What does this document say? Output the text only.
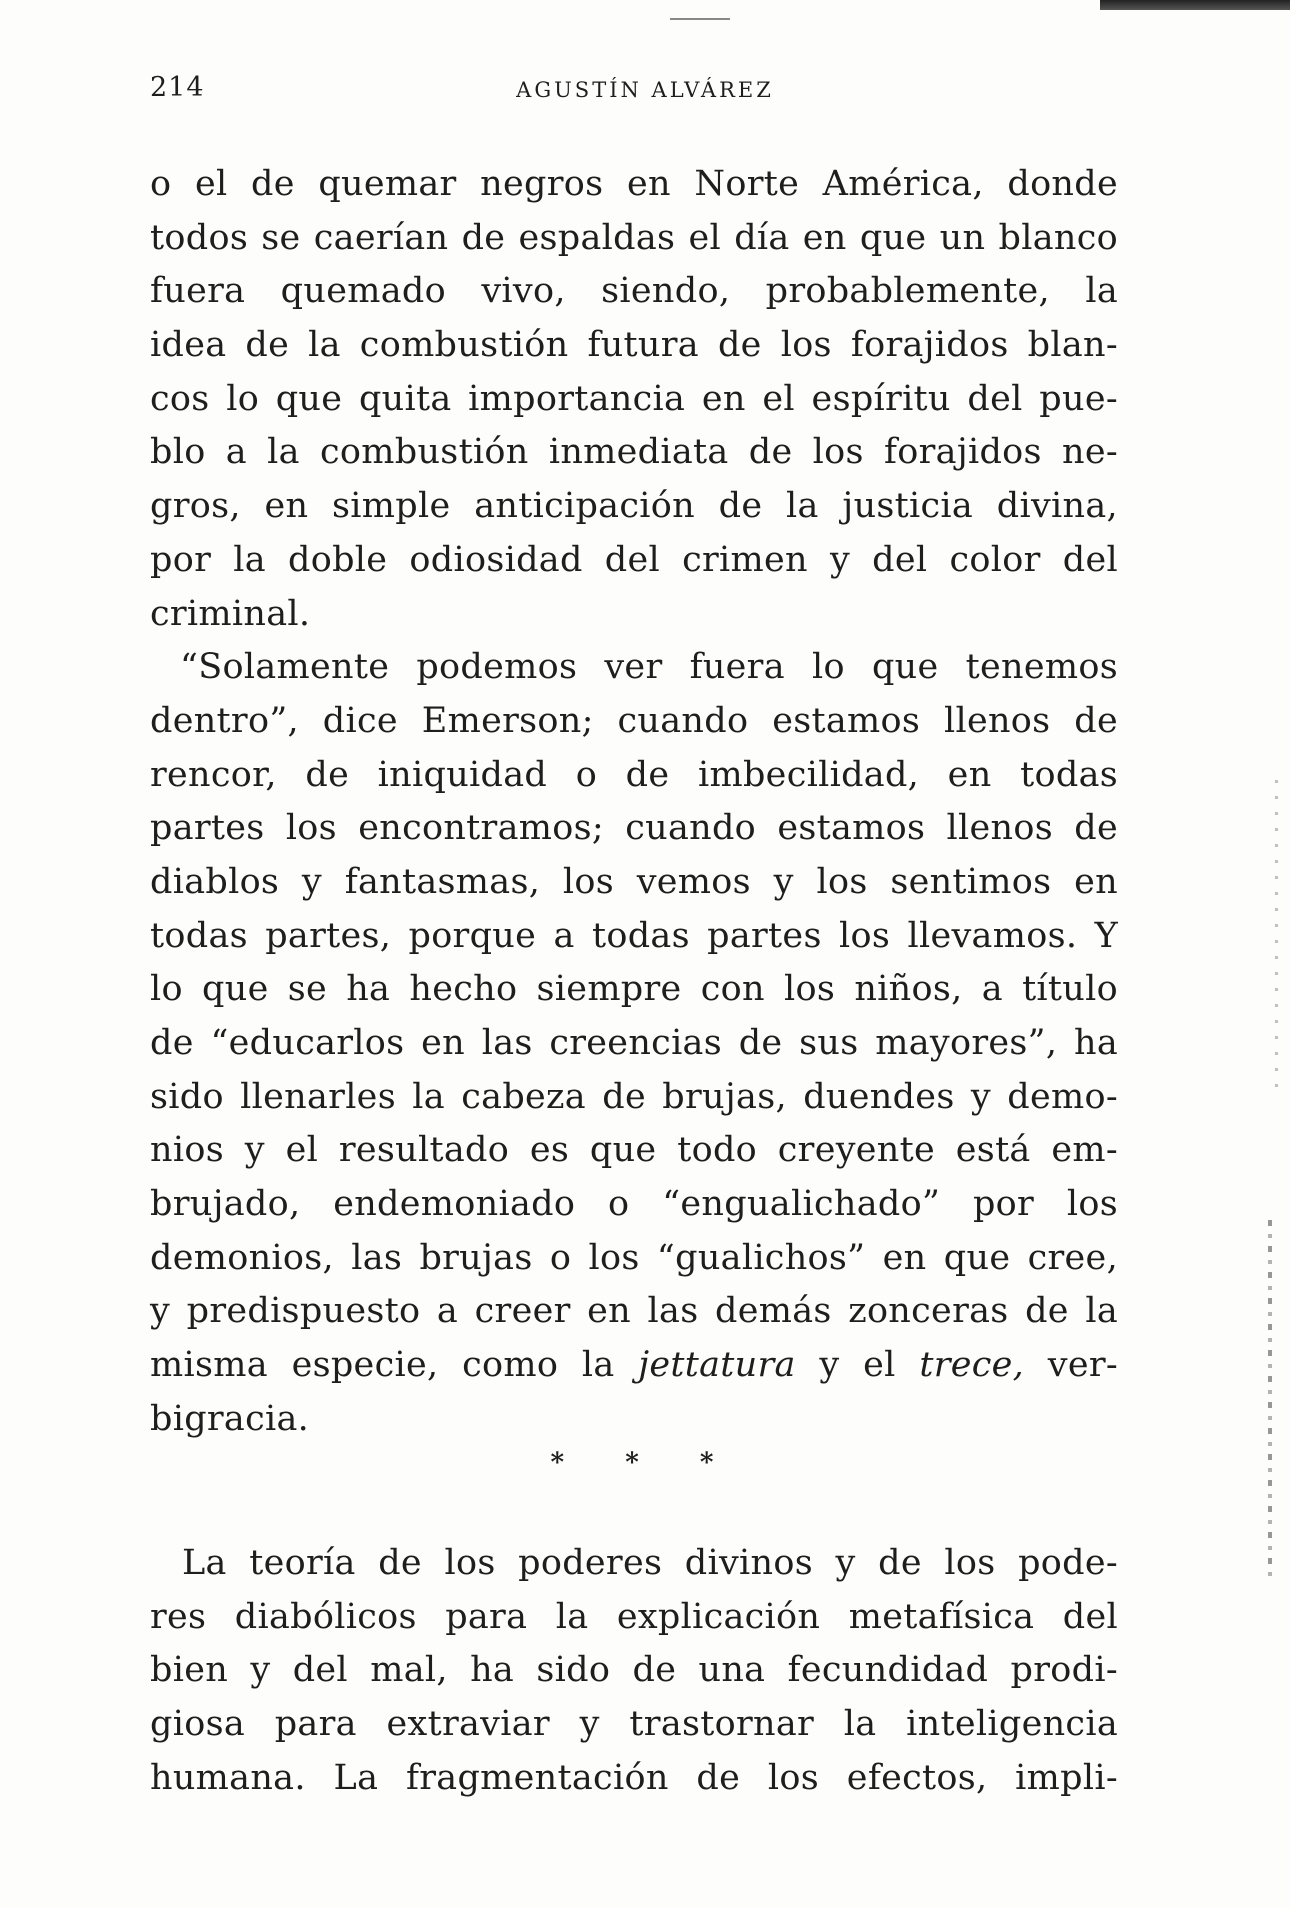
214	AGUSTÍN ALVÁREZ
o el de quemar negros en Norte América, donde
todos se caerían de espaldas el día en que un blanco
fuera quemado vivo, siendo, probablemente, la
idea de la combustión futura de los forajidos blan-
cos lo que quita importancia en el espíritu del pue-
blo a la combustión inmediata de los forajidos ne-
gros, en simple anticipación de la justicia divina,
por la doble odiosidad del crimen y del color del
criminal.
“Solamente podemos ver fuera lo que tenemos
dentro”, dice Emerson; cuando estamos llenos de
rencor, de iniquidad o de imbecilidad, en todas
partes los encontramos; cuando estamos llenos de
diablos y fantasmas, los vemos y los sentimos en
todas partes, porque a todas partes los llevamos. Y
lo que se ha hecho siempre con los niños, a título
de “educarlos en las creencias de sus mayores”, ha
sido llenarles la cabeza de brujas, duendes y demo-
nios y el resultado es que todo creyente está em-
brujado, endemoniado o “engualichado” por los
demonios, las brujas o los “gualichos” en que cree,
y predispuesto a creer en las demás zonceras de la
misma especie, como la jettatura y el trece, ver-
bigracia.
* * *
La teoría de los poderes divinos y de los pode-
res diabólicos para la explicación metafísica del
bien y del mal, ha sido de una fecundidad prodi-
giosa para extraviar y trastornar la inteligencia
humana. La fragmentación de los efectos, impli-
